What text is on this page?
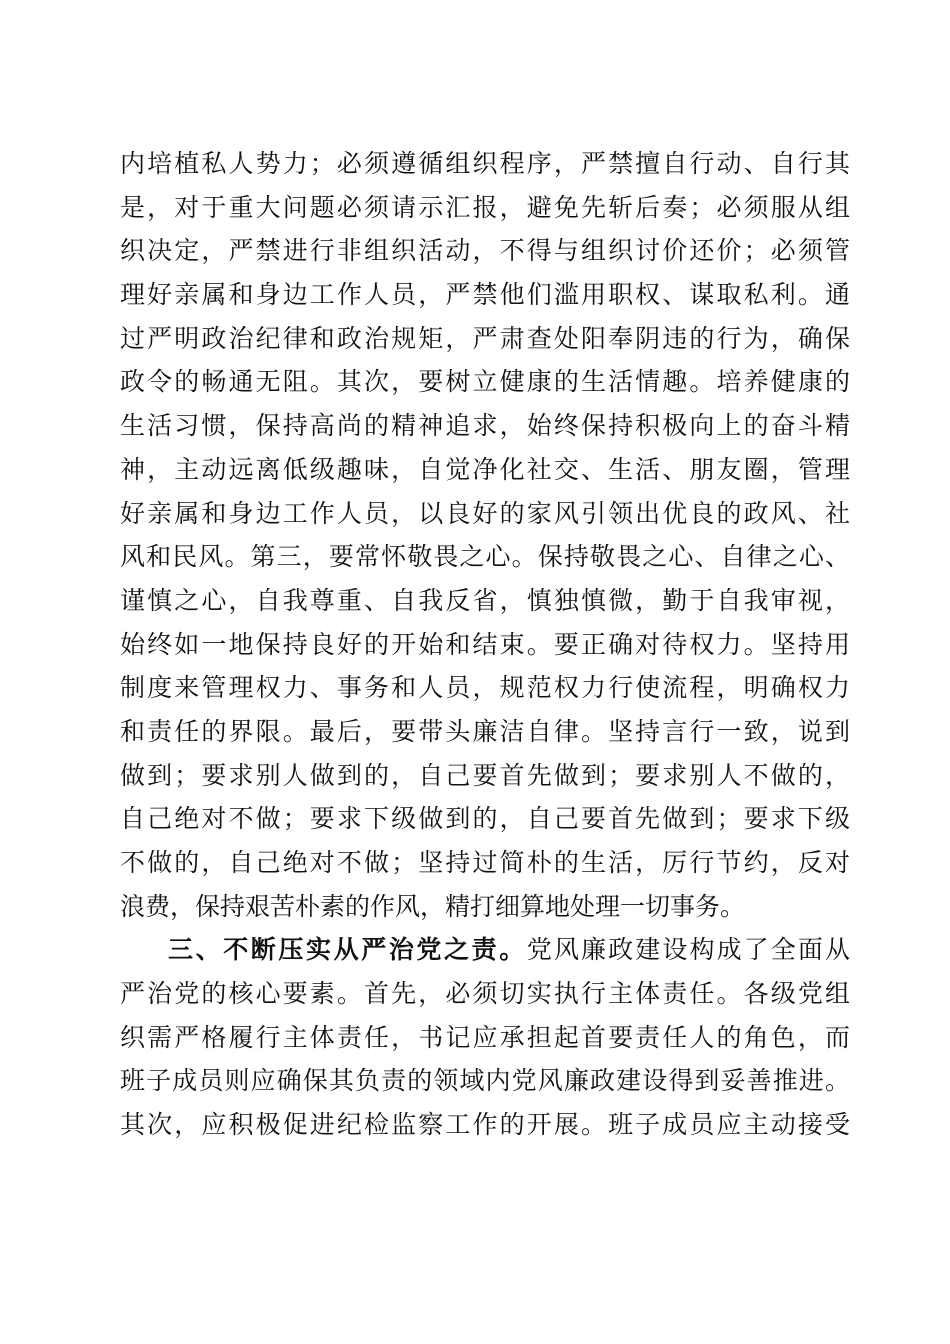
内培植私人势力；必须遵循组织程序，严禁擅自行动、自行其
是，对于重大问题必须请示汇报，避免先斩后奏；必须服从组
织决定，严禁进行非组织活动，不得与组织讨价还价；必须管
理好亲属和身边工作人员，严禁他们滥用职权、谋取私利。通
过严明政治纪律和政治规矩，严肃查处阳奉阴违的行为，确保
政令的畅通无阻。其次，要树立健康的生活情趣。培养健康的
生活习惯，保持高尚的精神追求，始终保持积极向上的奋斗精
神，主动远离低级趣味，自觉净化社交、生活、朋友圈，管理
好亲属和身边工作人员，以良好的家风引领出优良的政风、社
风和民风。第三，要常怀敬畏之心。保持敬畏之心、自律之心、
谨慎之心，自我尊重、自我反省，慎独慎微，勤于自我审视，
始终如一地保持良好的开始和结束。要正确对待权力。坚持用
制度来管理权力、事务和人员，规范权力行使流程，明确权力
和责任的界限。最后，要带头廉洁自律。坚持言行一致，说到
做到；要求别人做到的，自己要首先做到；要求别人不做的，
自己绝对不做；要求下级做到的，自己要首先做到；要求下级
不做的，自己绝对不做；坚持过简朴的生活，厉行节约，反对
浪费，保持艰苦朴素的作风，精打细算地处理一切事务。
三、不断压实从严治党之责。党风廉政建设构成了全面从
严治党的核心要素。首先，必须切实执行主体责任。各级党组
织需严格履行主体责任，书记应承担起首要责任人的角色，而
班子成员则应确保其负责的领域内党风廉政建设得到妥善推进。
其次，应积极促进纪检监察工作的开展。班子成员应主动接受
